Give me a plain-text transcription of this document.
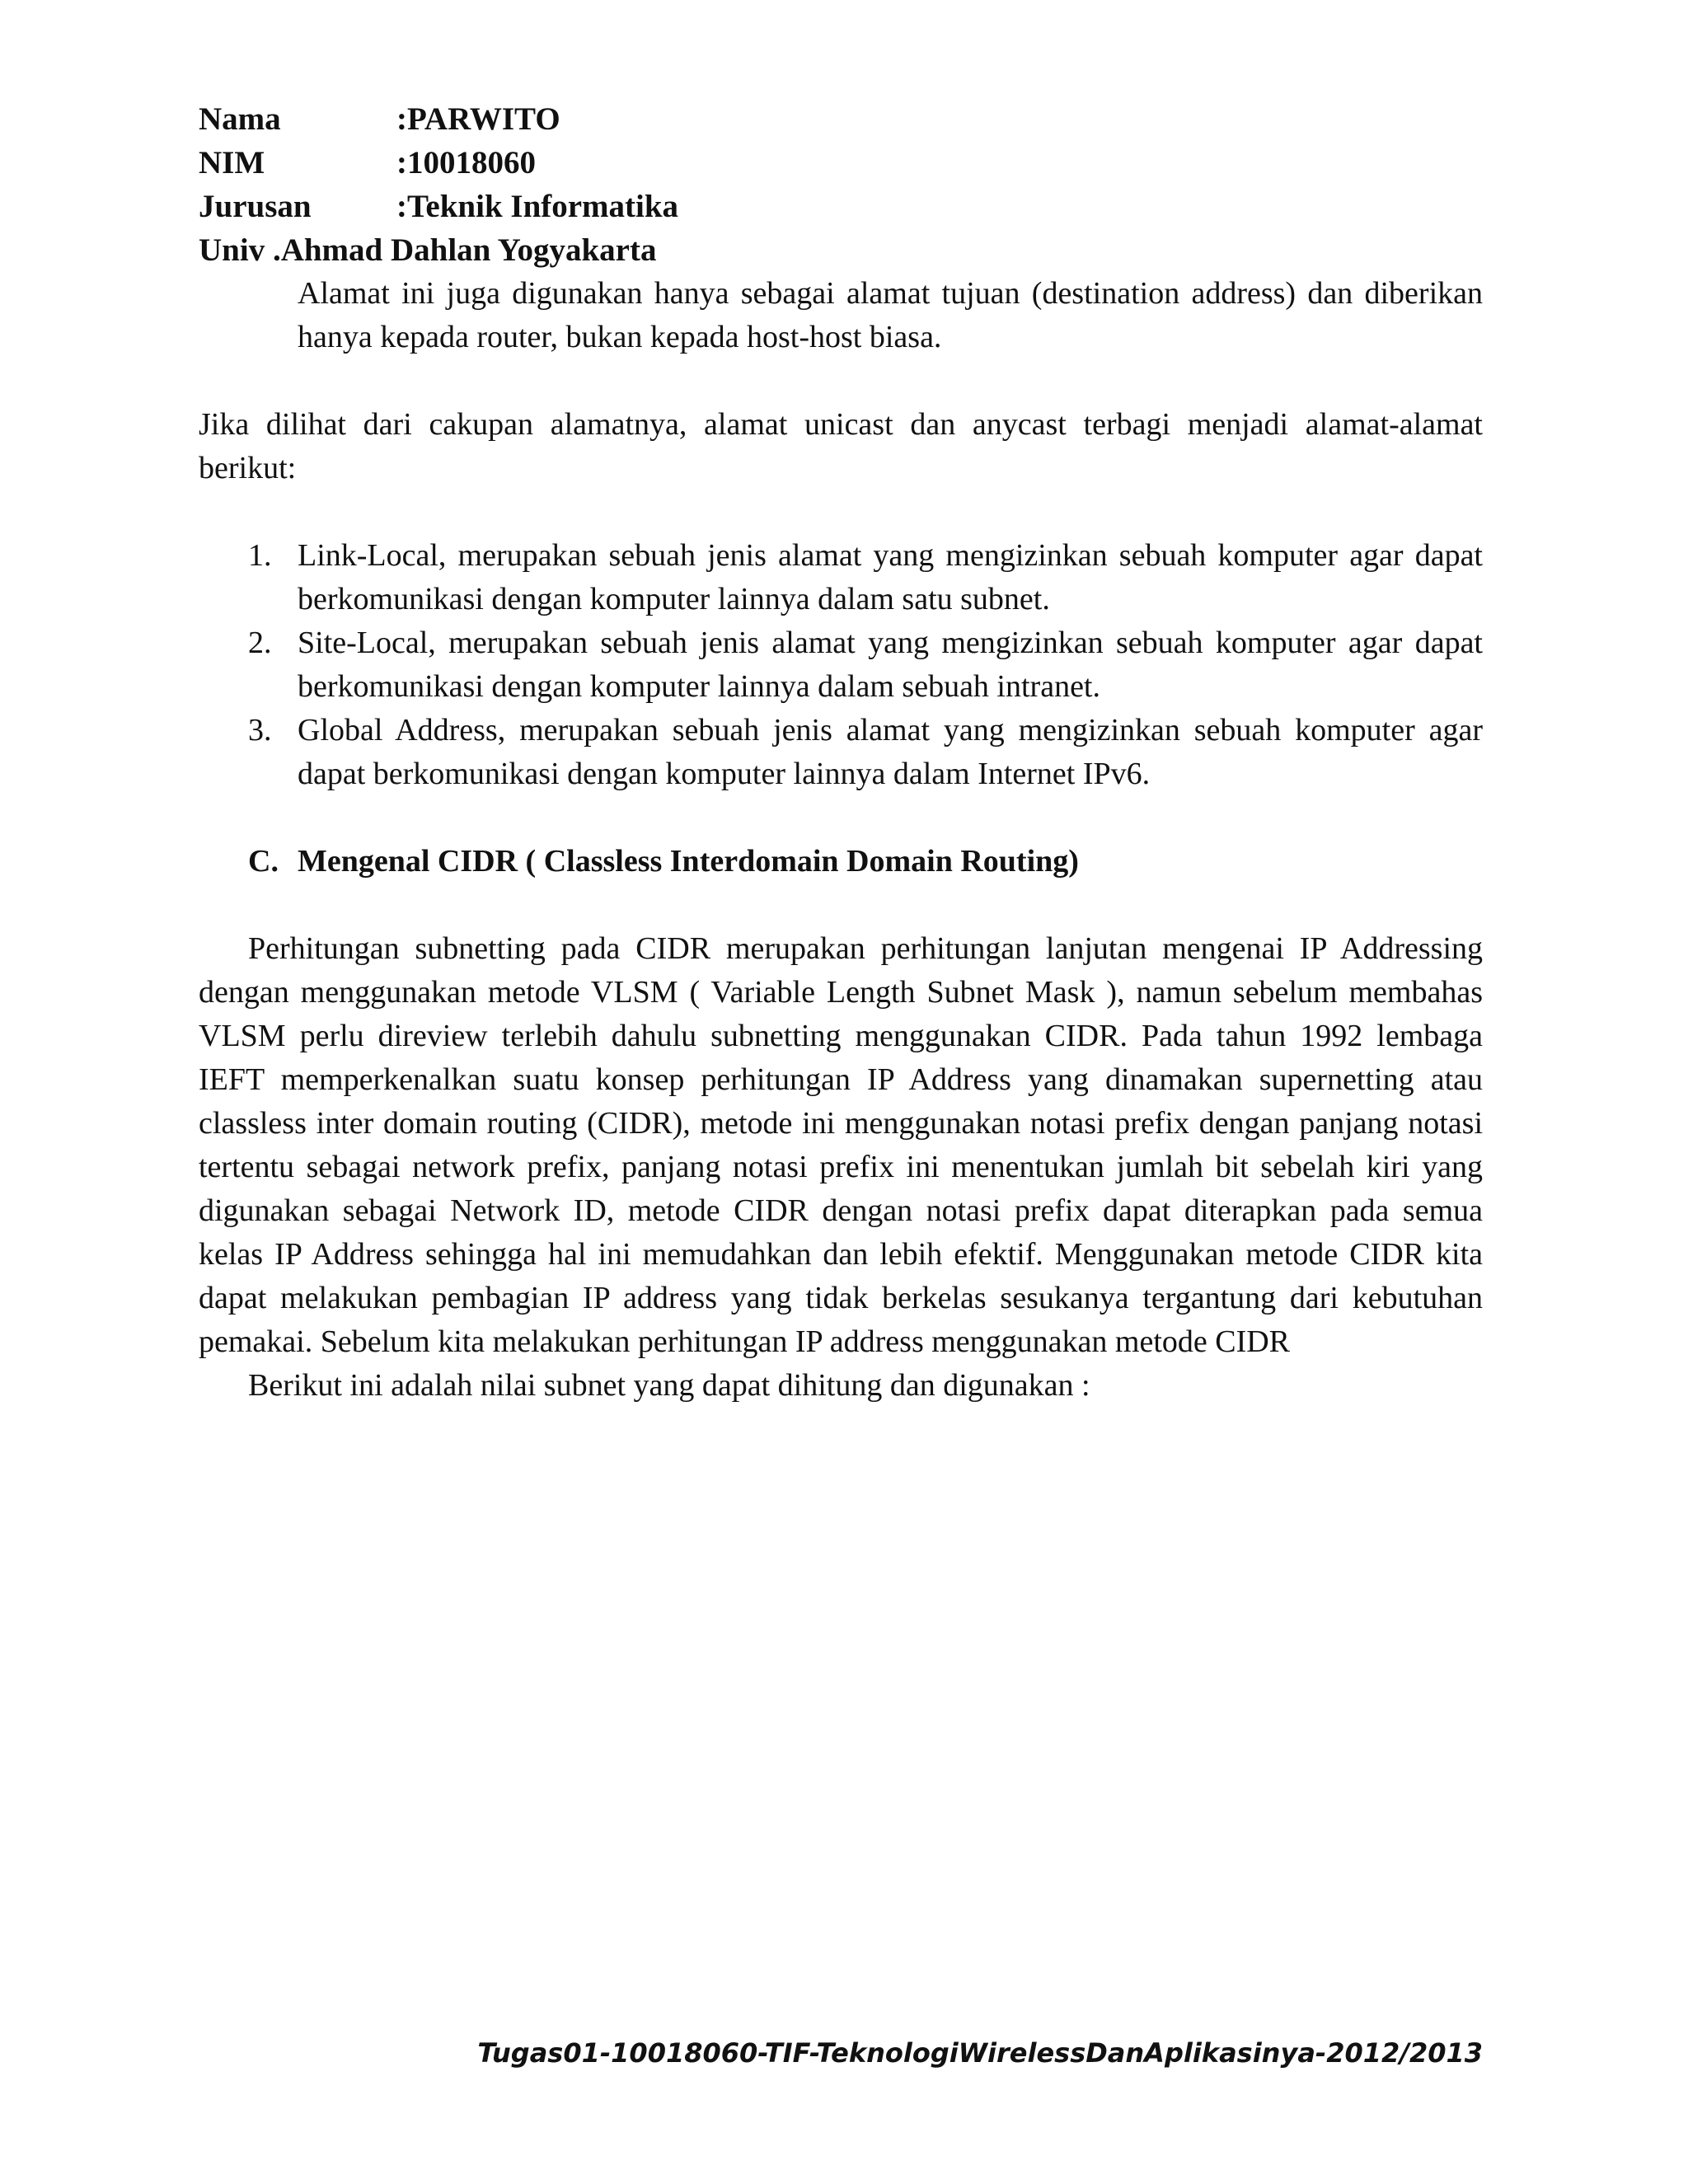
Nama	:PARWITO
NIM	:10018060
Jurusan	:Teknik Informatika
Univ .Ahmad Dahlan Yogyakarta

Alamat ini juga digunakan hanya sebagai alamat tujuan (destination address) dan diberikan hanya kepada router, bukan kepada host-host biasa.

Jika dilihat dari cakupan alamatnya, alamat unicast dan anycast terbagi menjadi alamat-alamat berikut:

1. Link-Local, merupakan sebuah jenis alamat yang mengizinkan sebuah komputer agar dapat berkomunikasi dengan komputer lainnya dalam satu subnet.
2. Site-Local, merupakan sebuah jenis alamat yang mengizinkan sebuah komputer agar dapat berkomunikasi dengan komputer lainnya dalam sebuah intranet.
3. Global Address, merupakan sebuah jenis alamat yang mengizinkan sebuah komputer agar dapat berkomunikasi dengan komputer lainnya dalam Internet IPv6.
C. Mengenal CIDR ( Classless Interdomain Domain Routing)

Perhitungan subnetting pada CIDR merupakan perhitungan lanjutan mengenai IP Addressing dengan menggunakan metode VLSM ( Variable Length Subnet Mask ), namun sebelum membahas VLSM perlu direview terlebih dahulu subnetting menggunakan CIDR. Pada tahun 1992 lembaga IEFT memperkenalkan suatu konsep perhitungan IP Address yang dinamakan supernetting atau classless inter domain routing (CIDR), metode ini menggunakan notasi prefix dengan panjang notasi tertentu sebagai network prefix, panjang notasi prefix ini menentukan jumlah bit sebelah kiri yang digunakan sebagai Network ID, metode CIDR dengan notasi prefix dapat diterapkan pada semua kelas IP Address sehingga hal ini memudahkan dan lebih efektif. Menggunakan metode CIDR kita dapat melakukan pembagian IP address yang tidak berkelas sesukanya tergantung dari kebutuhan pemakai. Sebelum kita melakukan perhitungan IP address menggunakan metode CIDR

Berikut ini adalah nilai subnet yang dapat dihitung dan digunakan :

Tugas01-10018060-TIF-TeknologiWirelessDanAplikasinya-2012/2013
